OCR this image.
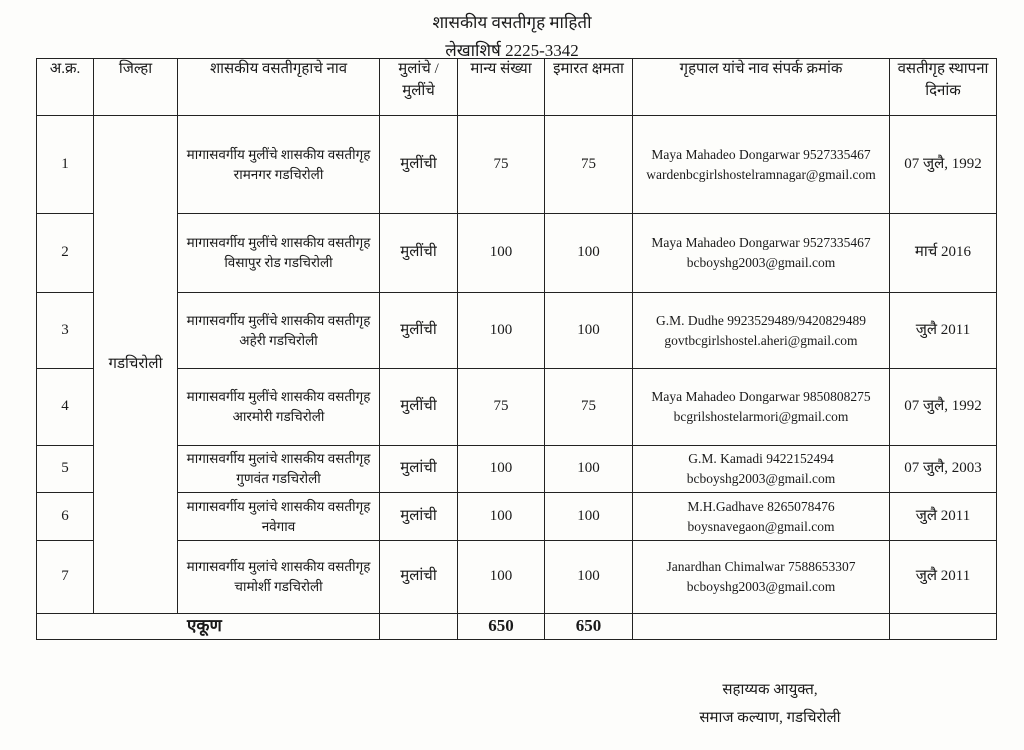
शासकीय वसतीगृह माहिती
लेखाशिर्ष 2225-3342
अ.क्र.	जिल्हा	शासकीय वसतीगृहाचे नाव	मुलांचे / मुलींचे	मान्य संख्या	इमारत क्षमता	गृहपाल यांचे नाव संपर्क क्रमांक	वसतीगृह स्थापना दिनांक
1	गडचिरोली	मागासवर्गीय मुलींचे शासकीय वसतीगृह रामनगर गडचिरोली	मुलींची	75	75	Maya Mahadeo Dongarwar 9527335467 wardenbcgirlshostelramnagar@gmail.com	07 जुलै, 1992
2		मागासवर्गीय मुलींचे शासकीय वसतीगृह विसापुर रोड गडचिरोली	मुलींची	100	100	Maya Mahadeo Dongarwar 9527335467 bcboyshg2003@gmail.com	मार्च 2016
3		मागासवर्गीय मुलींचे शासकीय वसतीगृह अहेरी गडचिरोली	मुलींची	100	100	G.M. Dudhe 9923529489/9420829489 govtbcgirlshostel.aheri@gmail.com	जुलै 2011
4		मागासवर्गीय मुलींचे शासकीय वसतीगृह आरमोरी गडचिरोली	मुलींची	75	75	Maya Mahadeo Dongarwar 9850808275 bcgrilshostelarmori@gmail.com	07 जुलै, 1992
5		मागासवर्गीय मुलांचे शासकीय वसतीगृह गुणवंत गडचिरोली	मुलांची	100	100	G.M. Kamadi 9422152494 bcboyshg2003@gmail.com	07 जुलै, 2003
6		मागासवर्गीय मुलांचे शासकीय वसतीगृह नवेगाव	मुलांची	100	100	M.H.Gadhave 8265078476 boysnavegaon@gmail.com	जुलै 2011
7		मागासवर्गीय मुलांचे शासकीय वसतीगृह चामोर्शी गडचिरोली	मुलांची	100	100	Janardhan Chimalwar 7588653307 bcboyshg2003@gmail.com	जुलै 2011
एकूण				650	650		
सहाय्यक आयुक्त,
समाज कल्याण, गडचिरोली
